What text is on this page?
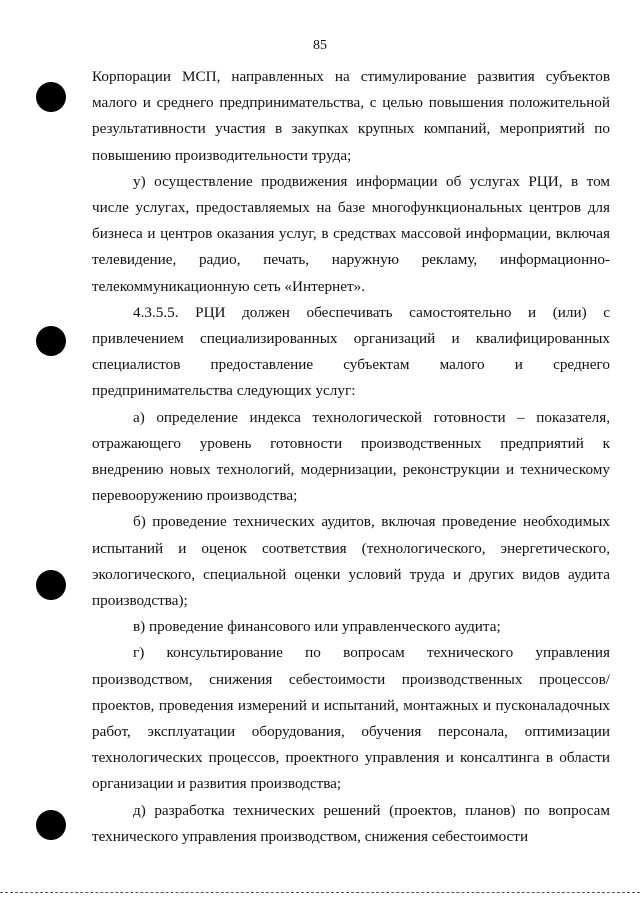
85

Корпорации МСП, направленных на стимулирование развития субъектов малого и среднего предпринимательства, с целью повышения положительной результативности участия в закупках крупных компаний, мероприятий по повышению производительности труда;

у) осуществление продвижения информации об услугах РЦИ, в том числе услугах, предоставляемых на базе многофункциональных центров для бизнеса и центров оказания услуг, в средствах массовой информации, включая телевидение, радио, печать, наружную рекламу, информационно-телекоммуникационную сеть «Интернет».

4.3.5.5. РЦИ должен обеспечивать самостоятельно и (или) с привлечением специализированных организаций и квалифицированных специалистов предоставление субъектам малого и среднего предпринимательства следующих услуг:

а) определение индекса технологической готовности – показателя, отражающего уровень готовности производственных предприятий к внедрению новых технологий, модернизации, реконструкции и техническому перевооружению производства;

б) проведение технических аудитов, включая проведение необходимых испытаний и оценок соответствия (технологического, энергетического, экологического, специальной оценки условий труда и других видов аудита производства);

в) проведение финансового или управленческого аудита;

г) консультирование по вопросам технического управления производством, снижения себестоимости производственных процессов/проектов, проведения измерений и испытаний, монтажных и пусконаладочных работ, эксплуатации оборудования, обучения персонала, оптимизации технологических процессов, проектного управления и консалтинга в области организации и развития производства;

д) разработка технических решений (проектов, планов) по вопросам технического управления производством, снижения себестоимости
